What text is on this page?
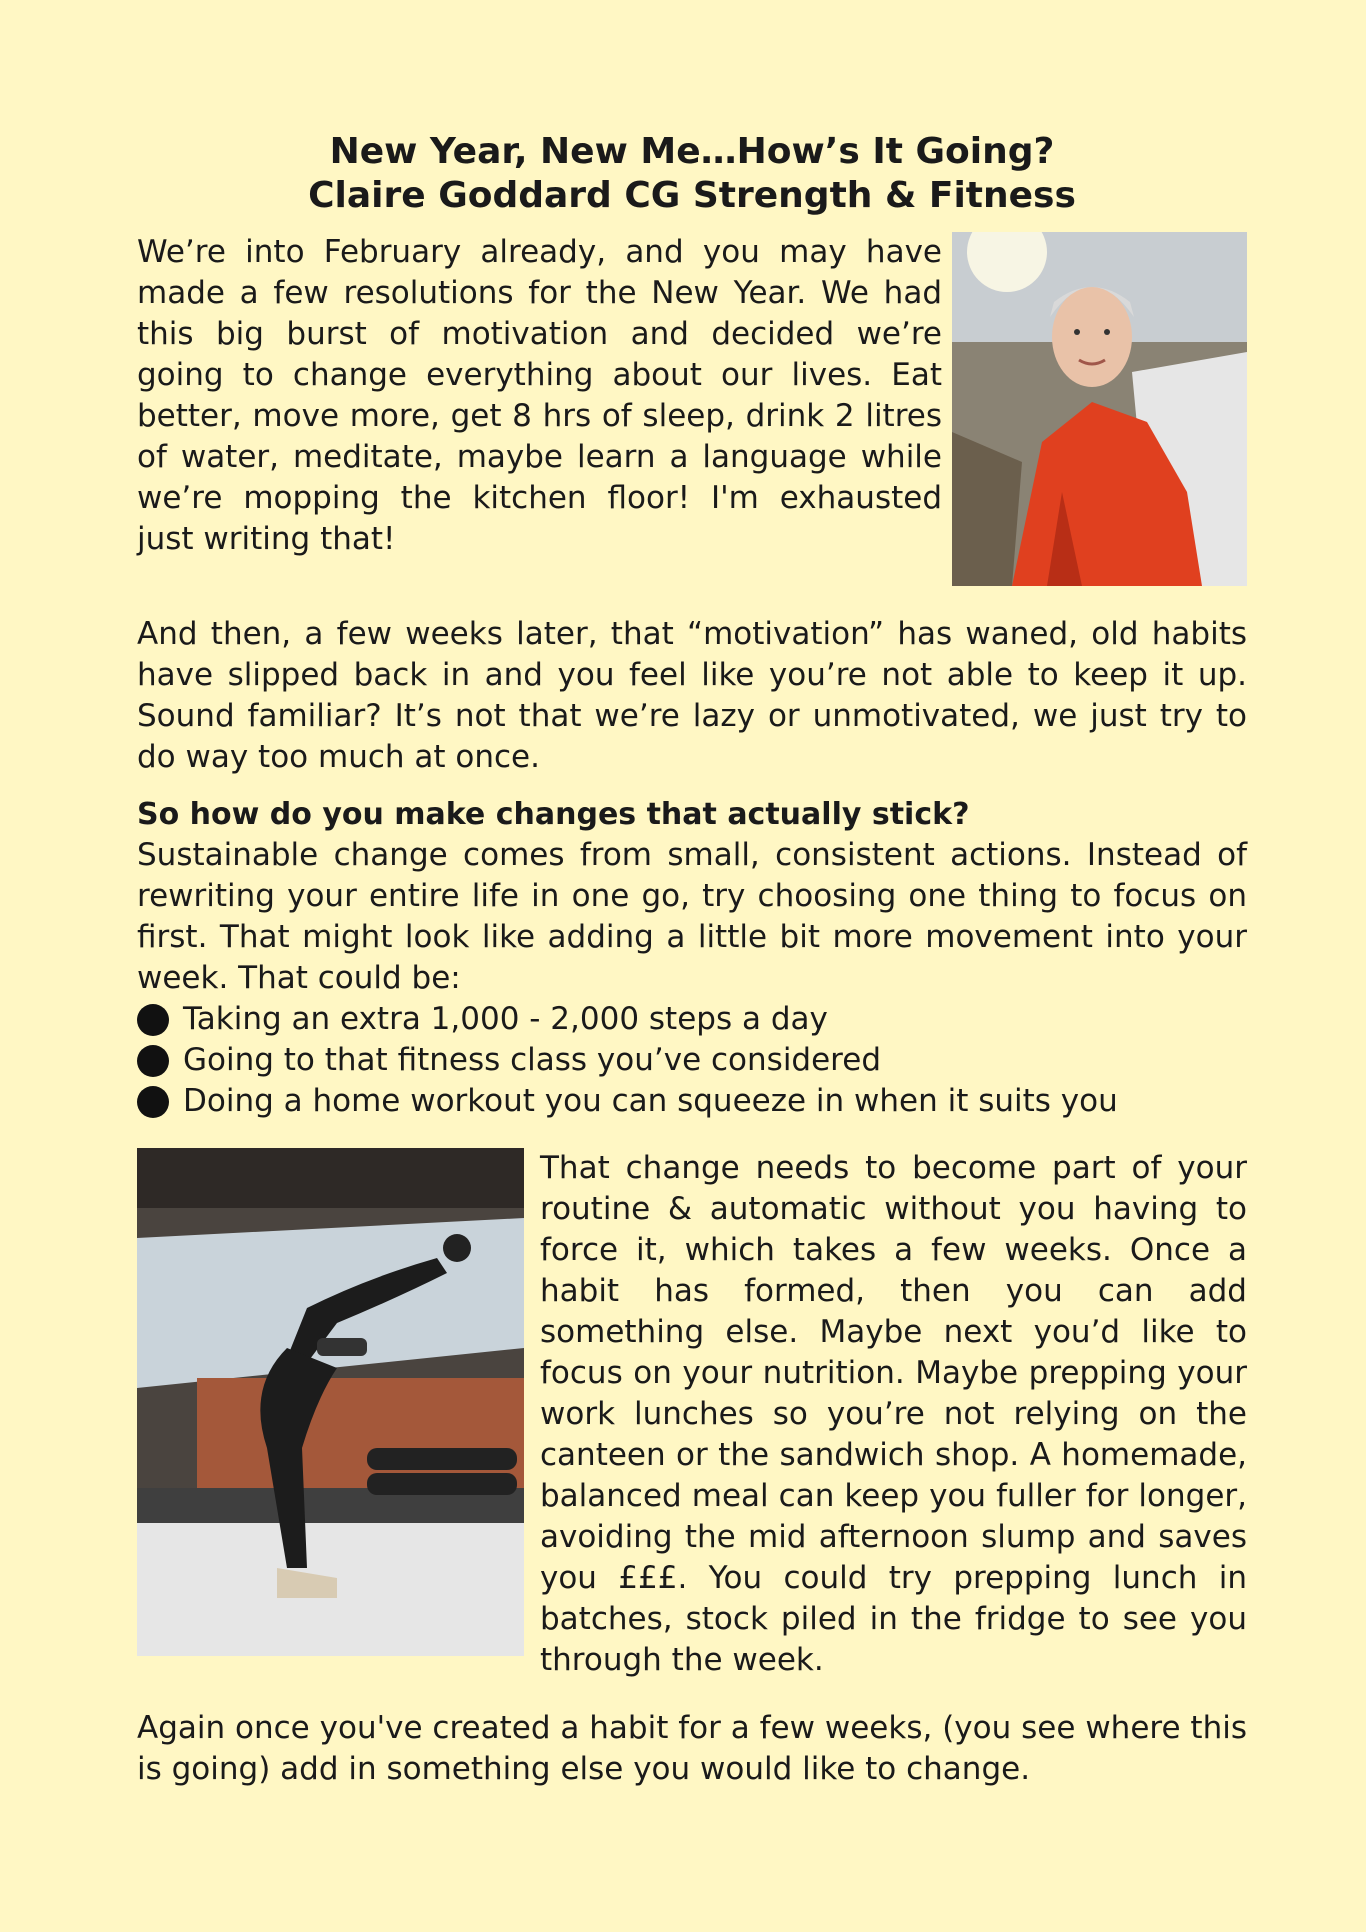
New Year, New Me…How’s It Going?
Claire Goddard CG Strength & Fitness

We’re into February already, and you may have made a few resolutions for the New Year. We had this big burst of motivation and decided we’re going to change everything about our lives. Eat better, move more, get 8 hrs of sleep, drink 2 litres of water, meditate, maybe learn a language while we’re mopping the kitchen floor! I'm exhausted just writing that!

And then, a few weeks later, that “motivation” has waned, old habits have slipped back in and you feel like you’re not able to keep it up. Sound familiar? It’s not that we’re lazy or unmotivated, we just try to do way too much at once.

So how do you make changes that actually stick?

Sustainable change comes from small, consistent actions. Instead of rewriting your entire life in one go, try choosing one thing to focus on first. That might look like adding a little bit more movement into your week. That could be:

Taking an extra 1,000 - 2,000 steps a day
Going to that fitness class you’ve considered
Doing a home workout you can squeeze in when it suits you

That change needs to become part of your routine & automatic without you having to force it, which takes a few weeks. Once a habit has formed, then you can add something else. Maybe next you’d like to focus on your nutrition. Maybe prepping your work lunches so you’re not relying on the canteen or the sandwich shop. A homemade, balanced meal can keep you fuller for longer, avoiding the mid afternoon slump and saves you £££. You could try prepping lunch in batches, stock piled in the fridge to see you through the week.

Again once you've created a habit for a few weeks, (you see where this is going) add in something else you would like to change.
